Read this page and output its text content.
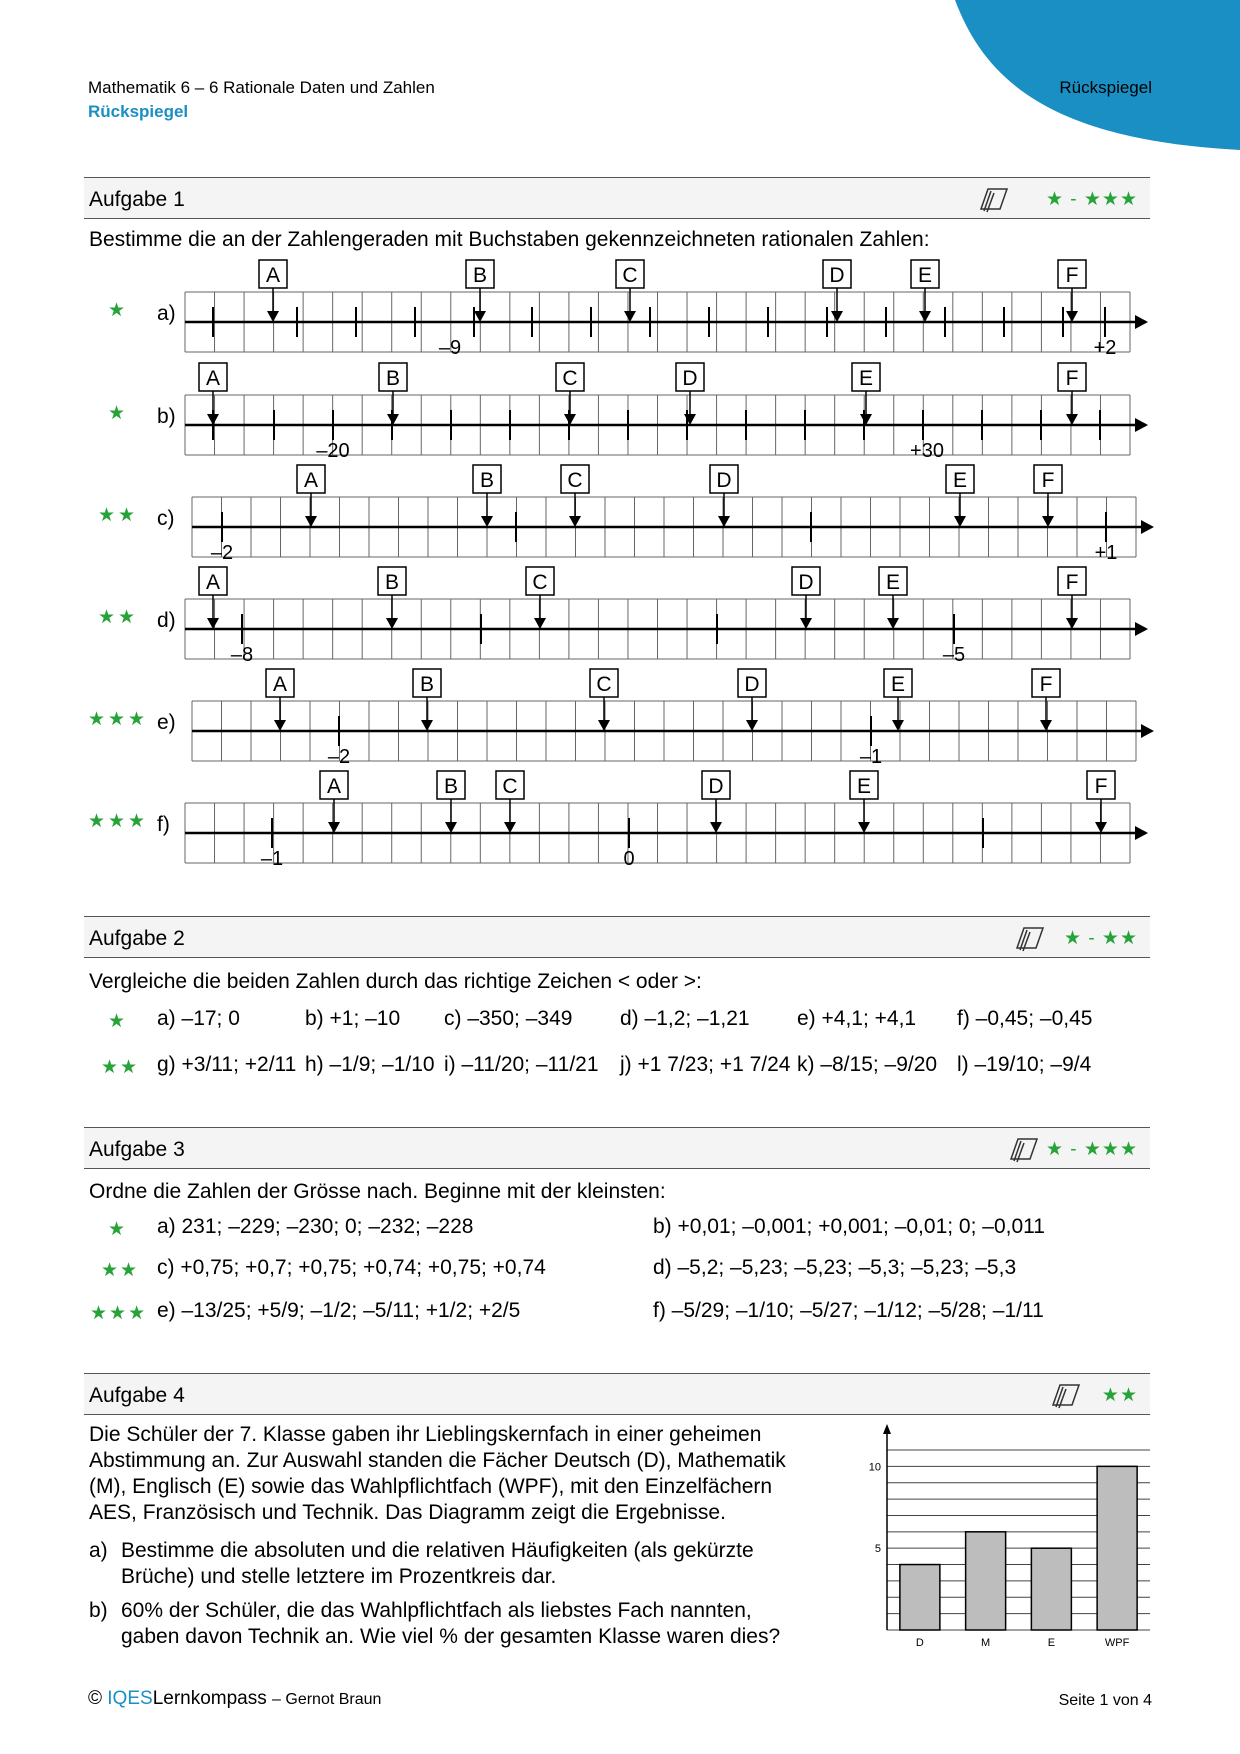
Mathematik 6 – 6 Rationale Daten und Zahlen
Rückspiegel
Rückspiegel
6.6
Aufgabe 1	★ - ★★★
Bestimme die an der Zahlengeraden mit Buchstaben gekennzeichneten rationalen Zahlen:
–9	+2
A	B	C	D	E	F
★ a)
–20	+30
A	B	C	D	E	F
★ b)
–2	+1
A	B	C	D	E	F
★★ c)
–8	–5
A	B	C	D	E	F
★★ d)
–2	–1
A	B	C	D	E	F
★★★ e)
–1	0
A	B C	D	E	F
★★★ f)
Aufgabe 2	★ - ★★
Vergleiche die beiden Zahlen durch das richtige Zeichen < oder >:
★
★★
a) –17; 0	b) +1; –10 c) –350; –349 d) –1,2; –1,21 e) +4,1; +4,1 f) –0,45; –0,45
g) +3/11; +2/11 h) –1/9; –1/10 i) –11/20; –11/21 j) +1 7/23; +1 7/24 k) –8/15; –9/20 l) –19/10; –9/4
Aufgabe 3	★ - ★★★
Ordne die Zahlen der Grösse nach. Beginne mit der kleinsten:
★ a) 231; –229; –230; 0; –232; –228	b) +0,01; –0,001; +0,001; –0,01; 0; –0,011
★★ c) +0,75; +0,7; +0,75; +0,74; +0,75; +0,74	d) –5,2; –5,23; –5,23; –5,3; –5,23; –5,3
★★★ e) –13/25; +5/9; –1/2; –5/11; +1/2; +2/5	f) –5/29; –1/10; –5/27; –1/12; –5/28; –1/11
Aufgabe 4	★★
Die Schüler der 7. Klasse gaben ihr Lieblingskernfach in einer geheimen
Abstimmung an. Zur Auswahl standen die Fächer Deutsch (D), Mathematik
(M), Englisch (E) sowie das Wahlpflichtfach (WPF), mit den Einzelfächern
AES, Französisch und Technik. Das Diagramm zeigt die Ergebnisse.
a) Bestimme die absoluten und die relativen Häufigkeiten (als gekürzte
Brüche) und stelle letztere im Prozentkreis dar.
b) 60% der Schüler, die das Wahlpflichtfach als liebstes Fach nannten,
gaben davon Technik an. Wie viel % der gesamten Klasse waren dies?
5
10
D	M	E	WPF
© IQESLernkompass – Gernot Braun	Seite 1 von 4
